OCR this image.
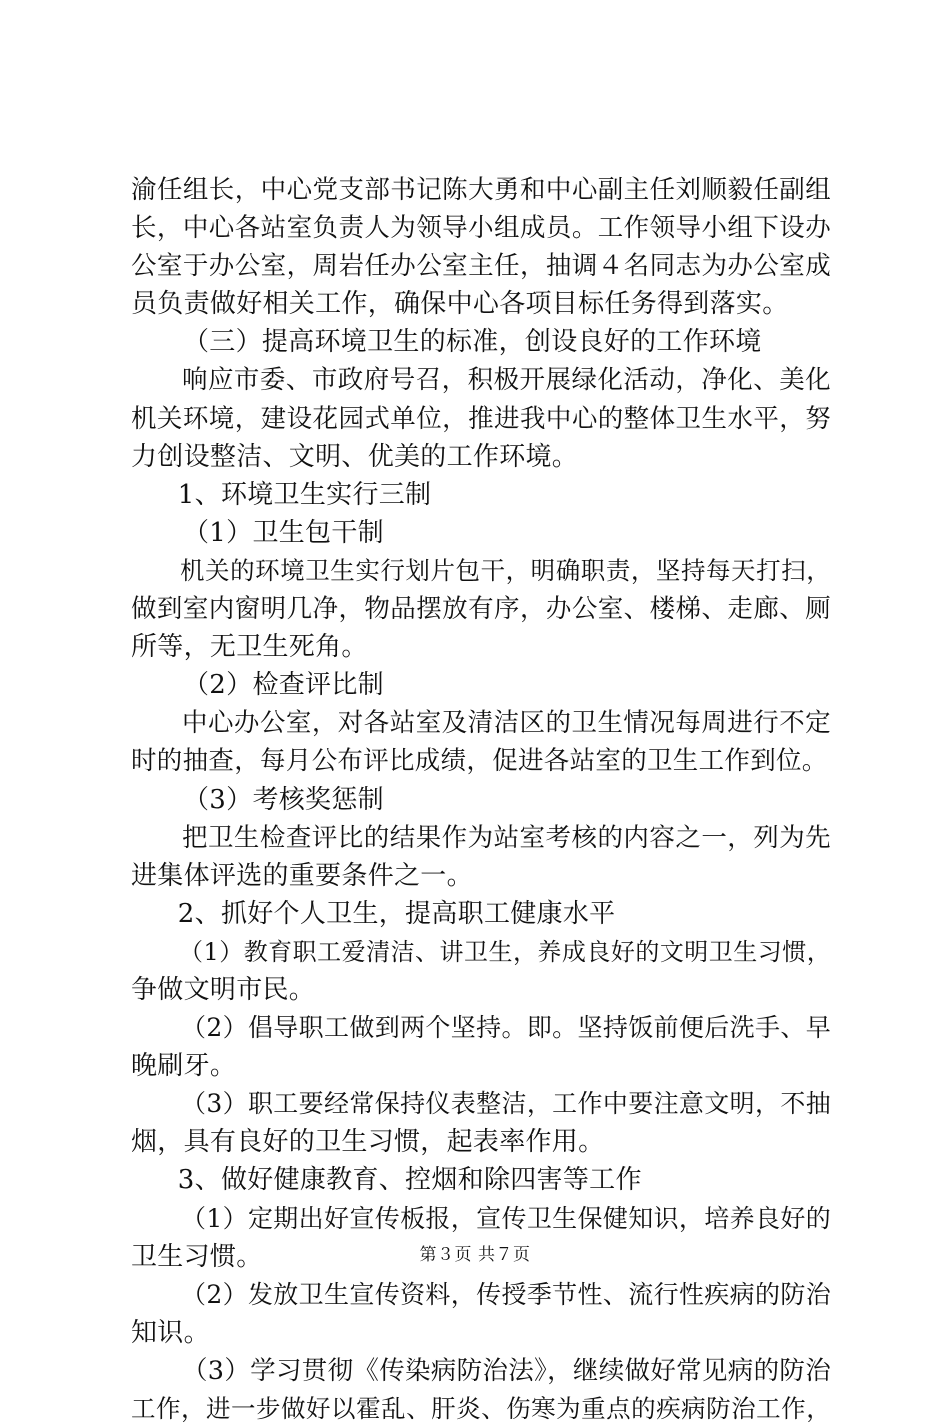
渝任组长，中心党支部书记陈大勇和中心副主任刘顺毅任副组
长，中心各站室负责人为领导小组成员。工作领导小组下设办
公室于办公室，周岩任办公室主任，抽调４名同志为办公室成
员负责做好相关工作，确保中心各项目标任务得到落实。
（三）提高环境卫生的标准，创设良好的工作环境
响应市委、市政府号召，积极开展绿化活动，净化、美化
机关环境，建设花园式单位，推进我中心的整体卫生水平，努
力创设整洁、文明、优美的工作环境。
1、环境卫生实行三制
（1）卫生包干制
机关的环境卫生实行划片包干，明确职责，坚持每天打扫，
做到室内窗明几净，物品摆放有序，办公室、楼梯、走廊、厕
所等，无卫生死角。
（2）检查评比制
中心办公室，对各站室及清洁区的卫生情况每周进行不定
时的抽查，每月公布评比成绩，促进各站室的卫生工作到位。
（3）考核奖惩制
把卫生检查评比的结果作为站室考核的内容之一，列为先
进集体评选的重要条件之一。
2、抓好个人卫生，提高职工健康水平
（1）教育职工爱清洁、讲卫生，养成良好的文明卫生习惯，
争做文明市民。
（2）倡导职工做到两个坚持。即。坚持饭前便后洗手、早
晚刷牙。
（3）职工要经常保持仪表整洁，工作中要注意文明，不抽
烟，具有良好的卫生习惯，起表率作用。
3、做好健康教育、控烟和除四害等工作
（1）定期出好宣传板报，宣传卫生保健知识，培养良好的
卫生习惯。
（2）发放卫生宣传资料，传授季节性、流行性疾病的防治
知识。
（3）学习贯彻《传染病防治法》，继续做好常见病的防治
工作，进一步做好以霍乱、肝炎、伤寒为重点的疾病防治工作，
第３页 共７页
